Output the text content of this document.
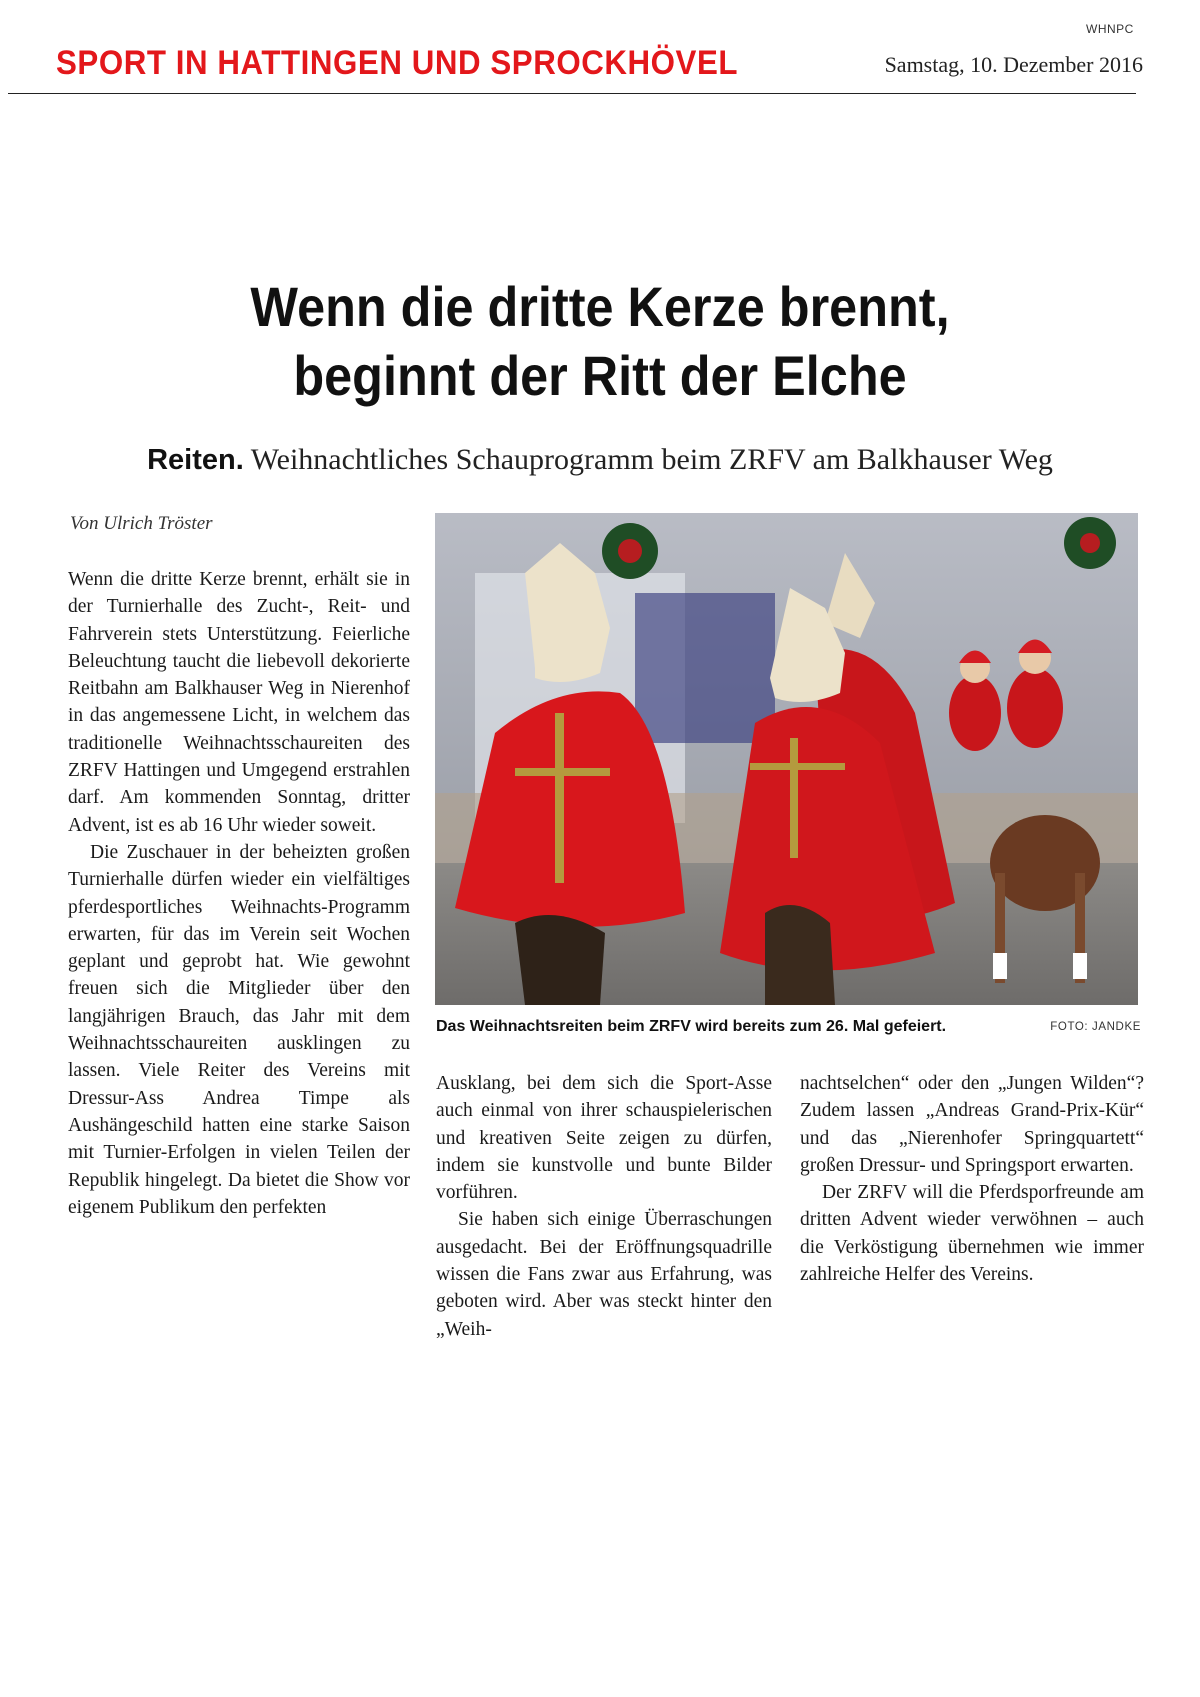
WHNPC
SPORT IN HATTINGEN UND SPROCKHÖVEL	Samstag, 10. Dezember 2016
Wenn die dritte Kerze brennt,
beginnt der Ritt der Elche
Reiten. Weihnachtliches Schauprogramm beim ZRFV am Balkhauser Weg
Von Ulrich Tröster

Wenn die dritte Kerze brennt, erhält sie in der Turnierhalle des Zucht-, Reit- und Fahrverein stets Unterstützung. Feierliche Beleuchtung taucht die liebevoll dekorierte Reitbahn am Balkhauser Weg in Nierenhof in das angemessene Licht, in welchem das traditionelle Weihnachtsschaureiten des ZRFV Hattingen und Umgegend erstrahlen darf. Am kommenden Sonntag, dritter Advent, ist es ab 16 Uhr wieder soweit.

Die Zuschauer in der beheizten großen Turnierhalle dürfen wieder ein vielfältiges pferdesportliches Weihnachts-Programm erwarten, für das im Verein seit Wochen geplant und geprobt hat. Wie gewohnt freuen sich die Mitglieder über den langjährigen Brauch, das Jahr mit dem Weihnachtsschaureiten ausklingen zu lassen. Viele Reiter des Vereins mit Dressur-Ass Andrea Timpe als Aushängeschild hatten eine starke Saison mit Turnier-Erfolgen in vielen Teilen der Republik hingelegt. Da bietet die Show vor eigenem Publikum den perfekten

Das Weihnachtsreiten beim ZRFV wird bereits zum 26. Mal gefeiert.	FOTO: JANDKE

Ausklang, bei dem sich die Sport-Asse auch einmal von ihrer schauspielerischen und kreativen Seite zeigen zu dürfen, indem sie kunstvolle und bunte Bilder vorführen.

Sie haben sich einige Überraschungen ausgedacht. Bei der Eröffnungsquadrille wissen die Fans zwar aus Erfahrung, was geboten wird. Aber was steckt hinter den „Weih-

nachtselchen“ oder den „Jungen Wilden“? Zudem lassen „Andreas Grand-Prix-Kür“ und das „Nierenhofer Springquartett“ großen Dressur- und Springsport erwarten.

Der ZRFV will die Pferdsporfreunde am dritten Advent wieder verwöhnen – auch die Verköstigung übernehmen wie immer zahlreiche Helfer des Vereins.
